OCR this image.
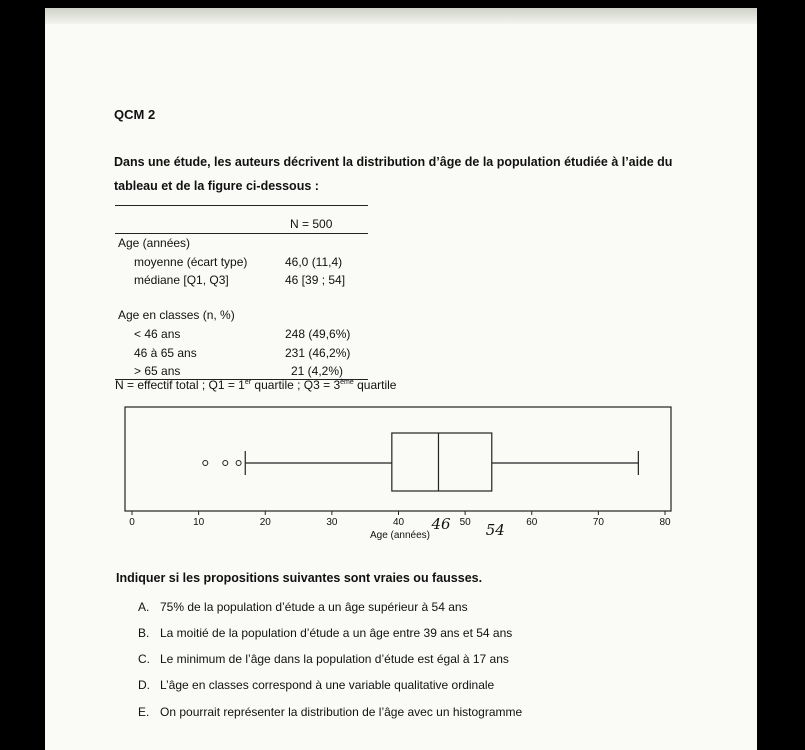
QCM 2
Dans une étude, les auteurs décrivent la distribution d’âge de la population étudiée à l’aide du tableau et de la figure ci-dessous :
N = 500
Age (années)
moyenne (écart type)	46,0 (11,4)
médiane [Q1, Q3]	46 [39 ; 54]
Age en classes (n, %)
< 46 ans	248 (49,6%)
46 à 65 ans	231 (46,2%)
> 65 ans	21 (4,2%)
N = effectif total ; Q1 = 1er quartile ; Q3 = 3ème quartile
0	10	20	30	40	50	60	70	80
Age (années)
46 54
Indiquer si les propositions suivantes sont vraies ou fausses.
A. 75% de la population d’étude a un âge supérieur à 54 ans
B. La moitié de la population d’étude a un âge entre 39 ans et 54 ans
C. Le minimum de l’âge dans la population d’étude est égal à 17 ans
D. L’âge en classes correspond à une variable qualitative ordinale
E. On pourrait représenter la distribution de l’âge avec un histogramme
